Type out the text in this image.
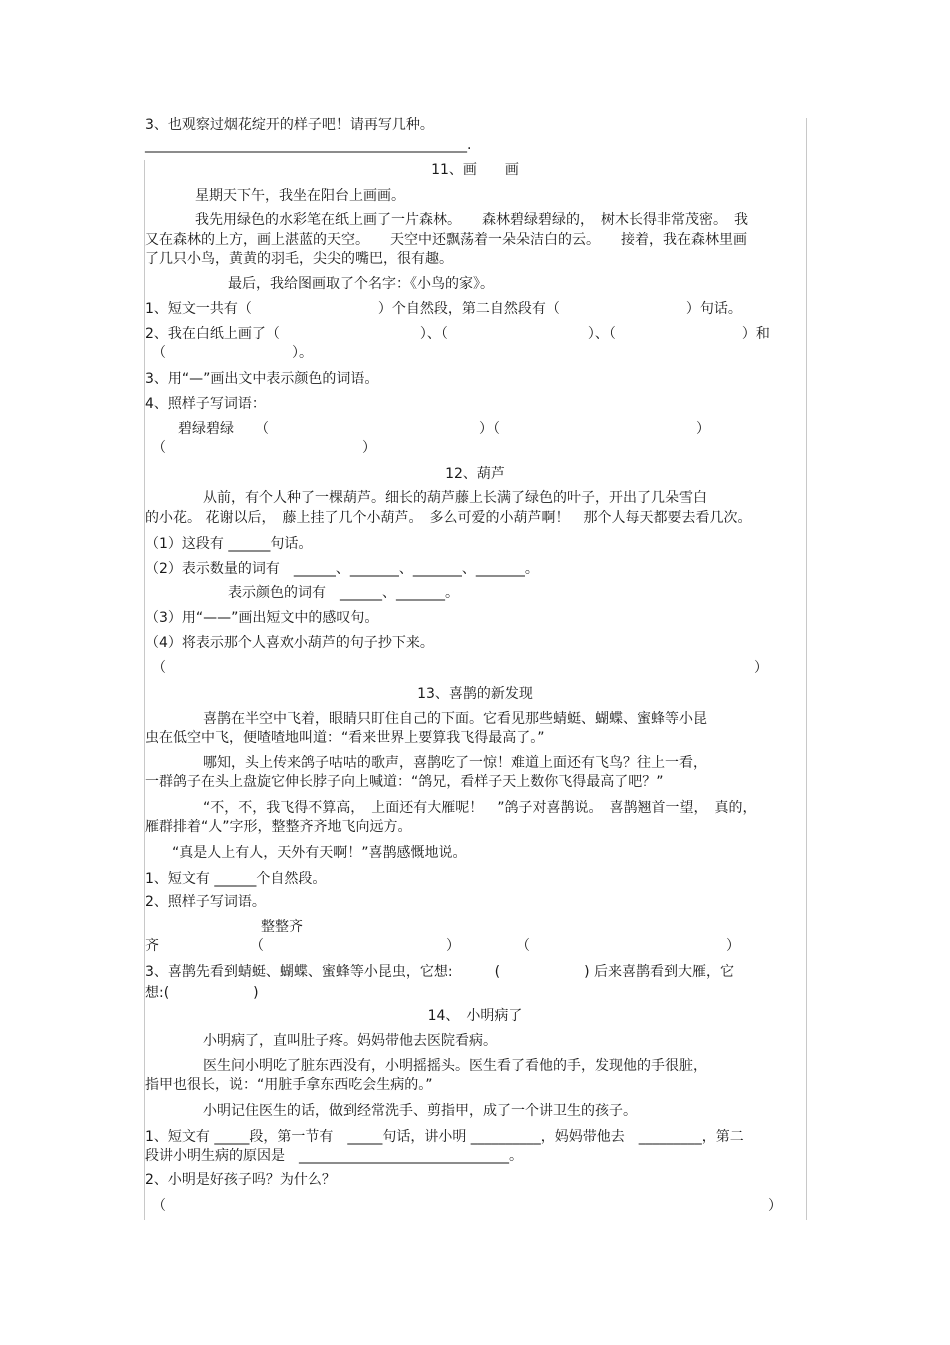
3、也观察过烟花绽开的样子吧！请再写几种。
______________________________________________.
11、画　　画
星期天下午，我坐在阳台上画画。
我先用绿色的水彩笔在纸上画了一片森林。　　森林碧绿碧绿的，　树木长得非常茂密。　我
又在森林的上方，画上湛蓝的天空。　　天空中还飘荡着一朵朵洁白的云。　　接着，我在森林里画
了几只小鸟，黄黄的羽毛，尖尖的嘴巴，很有趣。
最后，我给图画取了个名字：《小鸟的家》。
1、短文一共有（　　　　　　　　　）个自然段，第二自然段有（　　　　　　　　　）句话。
2、我在白纸上画了（　　　　　　　　　　）、（　　　　　　　　　　）、（　　　　　　　　　）和
（　　　　　　　　　）。
3、用“—”画出文中表示颜色的词语。
4、照样子写词语：
碧绿碧绿　　（　　　　　　　　　　　　　　　）（　　　　　　　　　　　　　　）
（　　　　　　　　　　　　　　）
12、葫芦
从前，有个人种了一棵葫芦。细长的葫芦藤上长满了绿色的叶子，开出了几朵雪白
的小花。 花谢以后，　藤上挂了几个小葫芦。　多么可爱的小葫芦啊！　那个人每天都要去看几次。
（1）这段有 ______句话。
（2）表示数量的词有　______、_______、_______、_______。
表示颜色的词有　______、_______。
（3）用“——”画出短文中的感叹句。
（4）将表示那个人喜欢小葫芦的句子抄下来。
（　　　　　　　　　　　　　　　　　　　　　　　　　　　　　　　　　　　　　　　　　　）
13、喜鹊的新发现
喜鹊在半空中飞着，眼睛只盯住自己的下面。它看见那些蜻蜓、蝴蝶、蜜蜂等小昆
虫在低空中飞，便喳喳地叫道：“看来世界上要算我飞得最高了。”
哪知，头上传来鸽子咕咕的歌声，喜鹊吃了一惊！难道上面还有飞鸟？往上一看，
一群鸽子在头上盘旋它伸长脖子向上喊道：“鸽兄，看样子天上数你飞得最高了吧？”
“不，不，我飞得不算高，　上面还有大雁呢！　”鸽子对喜鹊说。　喜鹊翘首一望，　真的，
雁群排着“人”字形，整整齐齐地飞向远方。
“真是人上有人，天外有天啊！”喜鹊感慨地说。
1、短文有 ______个自然段。
2、照样子写词语。
整整齐
齐　　　　　　　（　　　　　　　　　　　　　）　　　　　（　　　　　　　　　　　　　　）
3、喜鹊先看到蜻蜓、蝴蝶、蜜蜂等小昆虫，它想:　　　(　　　　　　) 后来喜鹊看到大雁，它
想:(　　　　　　)
14、　小明病了
小明病了，直叫肚子疼。妈妈带他去医院看病。
医生问小明吃了脏东西没有，小明摇摇头。医生看了看他的手，发现他的手很脏，
指甲也很长，说：“用脏手拿东西吃会生病的。”
小明记住医生的话，做到经常洗手、剪指甲，成了一个讲卫生的孩子。
1、短文有 _____段，第一节有　_____句话，讲小明 __________，妈妈带他去　_________，第二
段讲小明生病的原因是　______________________________。
2、小明是好孩子吗？为什么？
（　　　　　　　　　　　　　　　　　　　　　　　　　　　　　　　　　　　　　　　　　　　）
